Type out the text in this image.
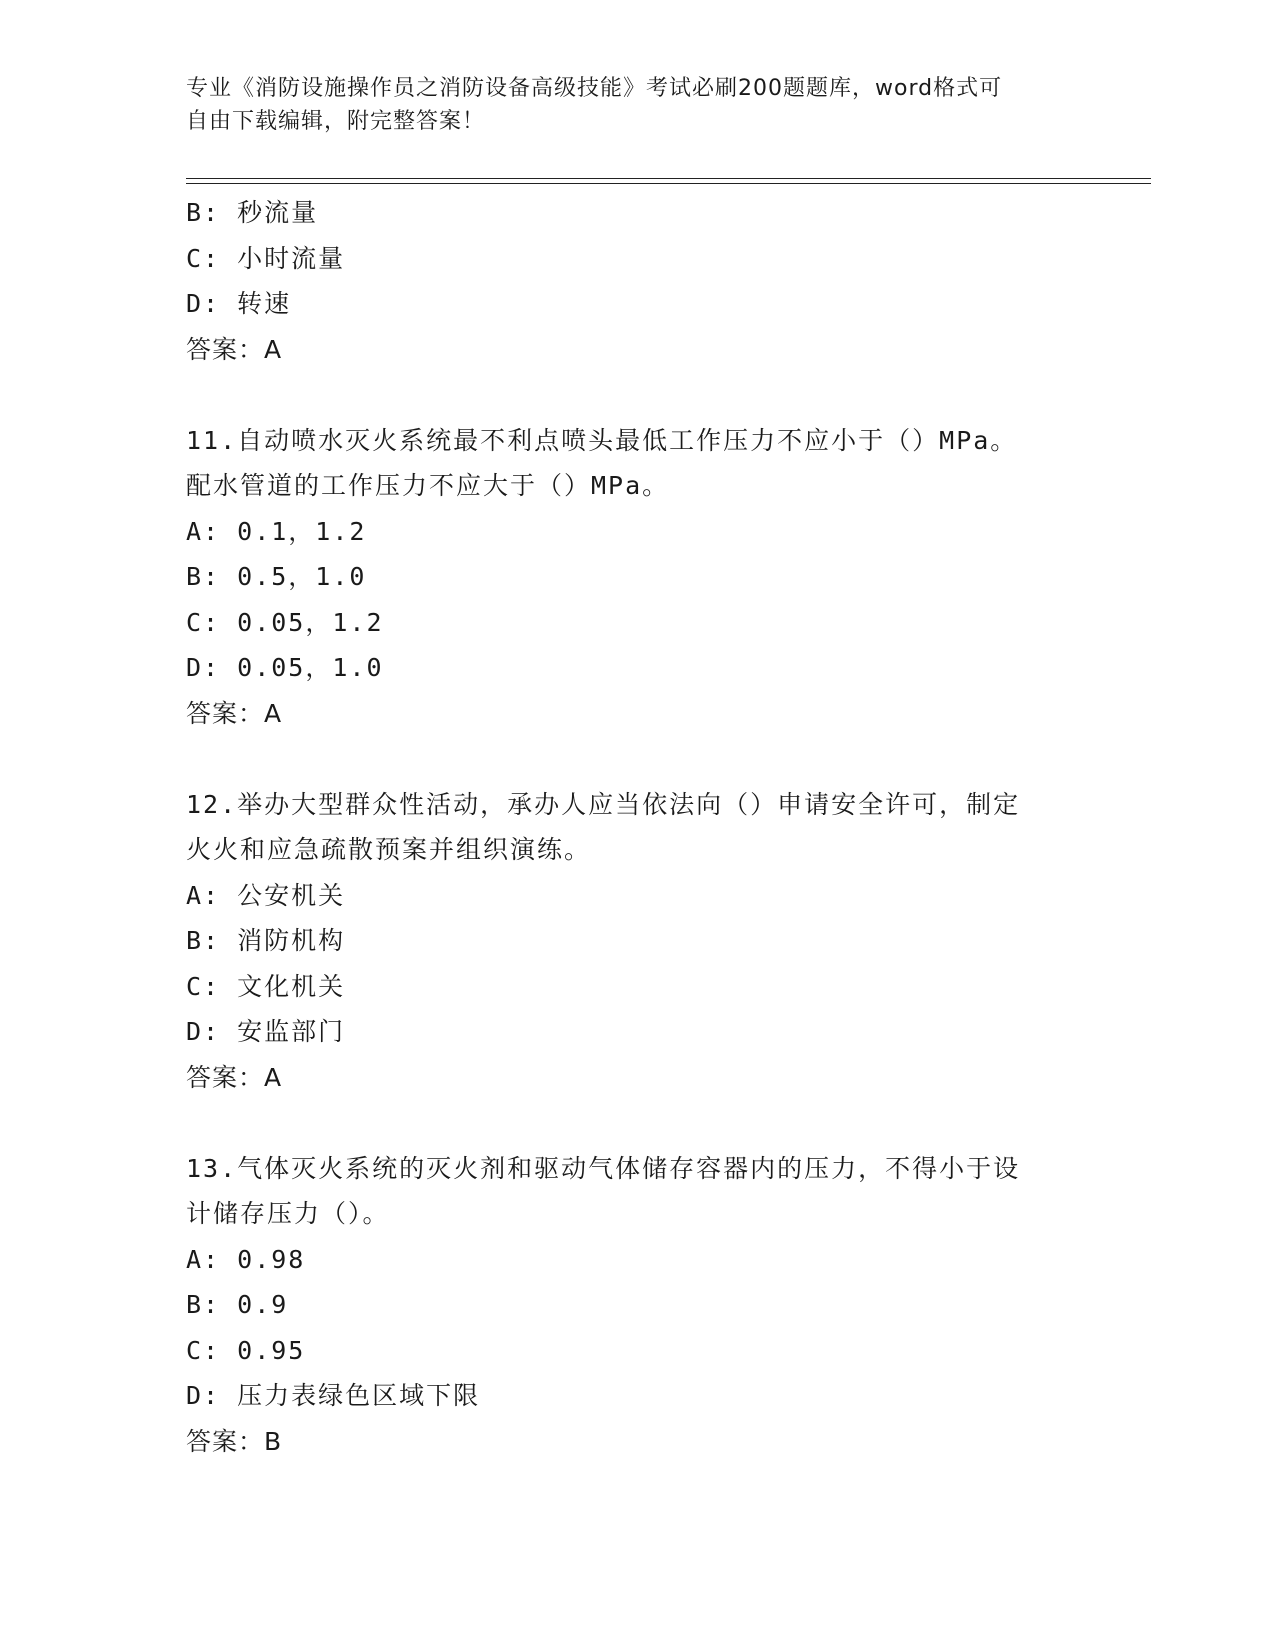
专业《消防设施操作员之消防设备高级技能》考试必刷200题题库，word格式可
自由下载编辑，附完整答案！
B: 秒流量
C: 小时流量
D: 转速
答案：A
11.自动喷水灭火系统最不利点喷头最低工作压力不应小于（）MPa。
配水管道的工作压力不应大于（）MPa。
A: 0.1，1.2
B: 0.5，1.0
C: 0.05，1.2
D: 0.05，1.0
答案：A
12.举办大型群众性活动，承办人应当依法向（）申请安全许可，制定
火火和应急疏散预案并组织演练。
A: 公安机关
B: 消防机构
C: 文化机关
D: 安监部门
答案：A
13.气体灭火系统的灭火剂和驱动气体储存容器内的压力，不得小于设
计储存压力（）。
A: 0.98
B: 0.9
C: 0.95
D: 压力表绿色区域下限
答案：B
